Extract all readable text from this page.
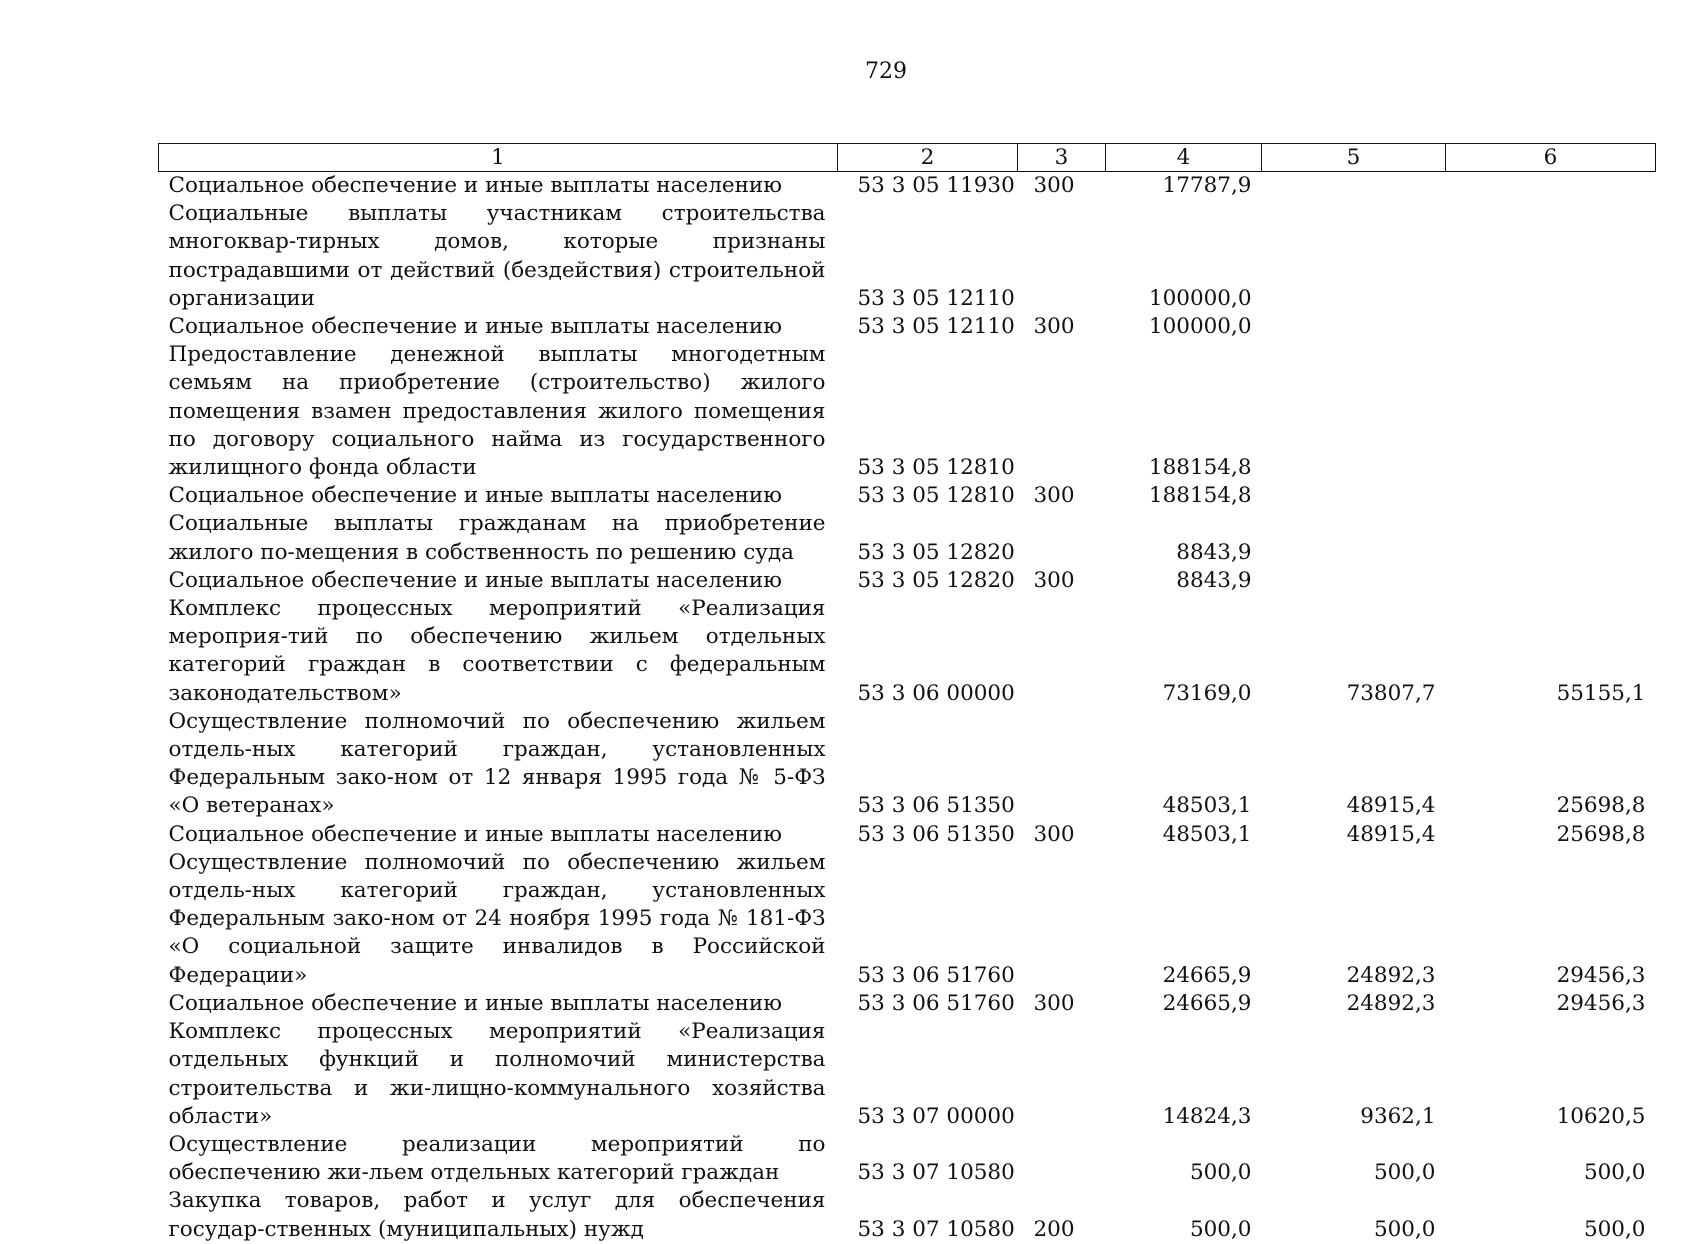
729
1	2	3	4	5	6
Социальное обеспечение и иные выплаты населению	53 3 05 11930	300	17787,9		
Социальные выплаты участникам строительства многоквар-тирных домов, которые признаны пострадавшими от действий (бездействия) строительной организации	53 3 05 12110		100000,0		
Социальное обеспечение и иные выплаты населению	53 3 05 12110	300	100000,0		
Предоставление денежной выплаты многодетным семьям на приобретение (строительство) жилого помещения взамен предоставления жилого помещения по договору социального найма из государственного жилищного фонда области	53 3 05 12810		188154,8		
Социальное обеспечение и иные выплаты населению	53 3 05 12810	300	188154,8		
Социальные выплаты гражданам на приобретение жилого по-мещения в собственность по решению суда	53 3 05 12820		8843,9		
Социальное обеспечение и иные выплаты населению	53 3 05 12820	300	8843,9		
Комплекс процессных мероприятий «Реализация мероприя-тий по обеспечению жильем отдельных категорий граждан в соответствии с федеральным законодательством»	53 3 06 00000		73169,0	73807,7	55155,1
Осуществление полномочий по обеспечению жильем отдель-ных категорий граждан, установленных Федеральным зако-ном от 12 января 1995 года № 5-ФЗ «О ветеранах»	53 3 06 51350		48503,1	48915,4	25698,8
Социальное обеспечение и иные выплаты населению	53 3 06 51350	300	48503,1	48915,4	25698,8
Осуществление полномочий по обеспечению жильем отдель-ных категорий граждан, установленных Федеральным зако-ном от 24 ноября 1995 года № 181-ФЗ «О социальной защите инвалидов в Российской Федерации»	53 3 06 51760		24665,9	24892,3	29456,3
Социальное обеспечение и иные выплаты населению	53 3 06 51760	300	24665,9	24892,3	29456,3
Комплекс процессных мероприятий «Реализация отдельных функций и полномочий министерства строительства и жи-лищно-коммунального хозяйства области»	53 3 07 00000		14824,3	9362,1	10620,5
Осуществление реализации мероприятий по обеспечению жи-льем отдельных категорий граждан	53 3 07 10580		500,0	500,0	500,0
Закупка товаров, работ и услуг для обеспечения государ-ственных (муниципальных) нужд	53 3 07 10580	200	500,0	500,0	500,0
